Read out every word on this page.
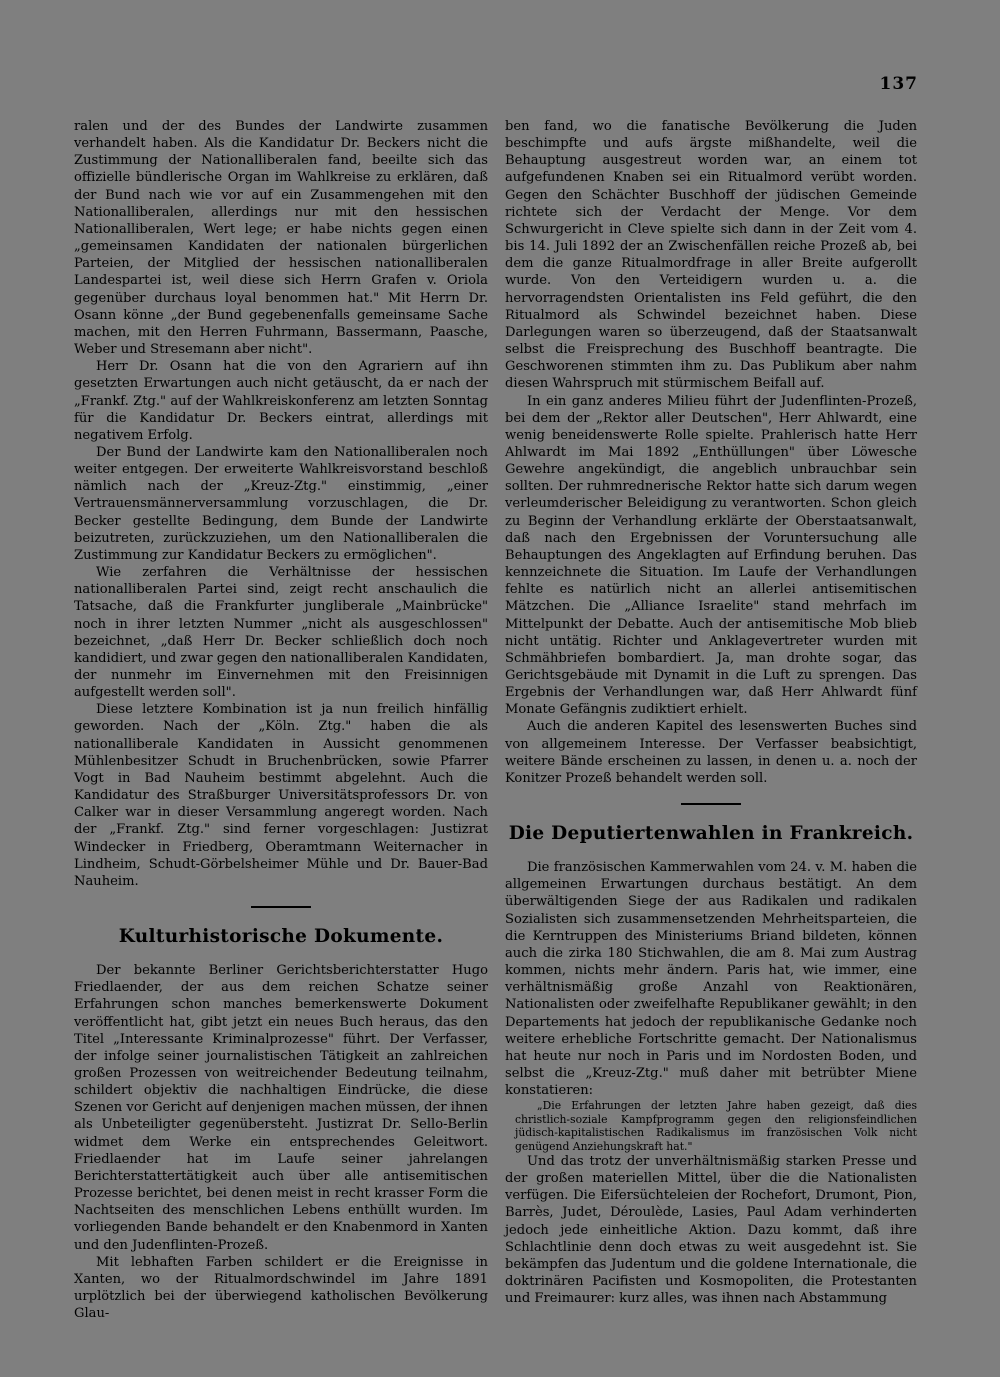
137

ralen und der des Bundes der Landwirte zusammen verhandelt haben. Als die Kandidatur Dr. Beckers nicht die Zustimmung der Nationalliberalen fand, beeilte sich das offizielle bündlerische Organ im Wahlkreise zu erklären, daß der Bund nach wie vor auf ein Zusammengehen mit den Nationalliberalen, allerdings nur mit den hessischen Nationalliberalen, Wert lege; er habe nichts gegen einen „gemeinsamen Kandidaten der nationalen bürgerlichen Parteien, der Mitglied der hessischen nationalliberalen Landespartei ist, weil diese sich Herrn Grafen v. Oriola gegenüber durchaus loyal benommen hat." Mit Herrn Dr. Osann könne „der Bund gegebenenfalls gemeinsame Sache machen, mit den Herren Fuhrmann, Bassermann, Paasche, Weber und Stresemann aber nicht".

Herr Dr. Osann hat die von den Agrariern auf ihn gesetzten Erwartungen auch nicht getäuscht, da er nach der „Frankf. Ztg." auf der Wahlkreiskonferenz am letzten Sonntag für die Kandidatur Dr. Beckers eintrat, allerdings mit negativem Erfolg.

Der Bund der Landwirte kam den Nationalliberalen noch weiter entgegen. Der erweiterte Wahlkreisvorstand beschloß nämlich nach der „Kreuz-Ztg." einstimmig, „einer Vertrauensmännerversammlung vorzuschlagen, die Dr. Becker gestellte Bedingung, dem Bunde der Landwirte beizutreten, zurückzuziehen, um den Nationalliberalen die Zustimmung zur Kandidatur Beckers zu ermöglichen".

Wie zerfahren die Verhältnisse der hessischen nationalliberalen Partei sind, zeigt recht anschaulich die Tatsache, daß die Frankfurter jungliberale „Mainbrücke" noch in ihrer letzten Nummer „nicht als ausgeschlossen" bezeichnet, „daß Herr Dr. Becker schließlich doch noch kandidiert, und zwar gegen den nationalliberalen Kandidaten, der nunmehr im Einvernehmen mit den Freisinnigen aufgestellt werden soll".

Diese letztere Kombination ist ja nun freilich hinfällig geworden. Nach der „Köln. Ztg." haben die als nationalliberale Kandidaten in Aussicht genommenen Mühlenbesitzer Schudt in Bruchenbrücken, sowie Pfarrer Vogt in Bad Nauheim bestimmt abgelehnt. Auch die Kandidatur des Straßburger Universitätsprofessors Dr. von Calker war in dieser Versammlung angeregt worden. Nach der „Frankf. Ztg." sind ferner vorgeschlagen: Justizrat Windecker in Friedberg, Oberamtmann Weiternacher in Lindheim, Schudt-Görbelsheimer Mühle und Dr. Bauer-Bad Nauheim.

Kulturhistorische Dokumente.

Der bekannte Berliner Gerichtsberichterstatter Hugo Friedlaender, der aus dem reichen Schatze seiner Erfahrungen schon manches bemerkenswerte Dokument veröffentlicht hat, gibt jetzt ein neues Buch heraus, das den Titel „Interessante Kriminalprozesse" führt. Der Verfasser, der infolge seiner journalistischen Tätigkeit an zahlreichen großen Prozessen von weitreichender Bedeutung teilnahm, schildert objektiv die nachhaltigen Eindrücke, die diese Szenen vor Gericht auf denjenigen machen müssen, der ihnen als Unbeteiligter gegenübersteht. Justizrat Dr. Sello-Berlin widmet dem Werke ein entsprechendes Geleitwort. Friedlaender hat im Laufe seiner jahrelangen Berichterstattertätigkeit auch über alle antisemitischen Prozesse berichtet, bei denen meist in recht krasser Form die Nachtseiten des menschlichen Lebens enthüllt wurden. Im vorliegenden Bande behandelt er den Knabenmord in Xanten und den Judenflinten-Prozeß.

Mit lebhaften Farben schildert er die Ereignisse in Xanten, wo der Ritualmordschwindel im Jahre 1891 urplötzlich bei der überwiegend katholischen Bevölkerung Glau-

ben fand, wo die fanatische Bevölkerung die Juden beschimpfte und aufs ärgste mißhandelte, weil die Behauptung ausgestreut worden war, an einem tot aufgefundenen Knaben sei ein Ritualmord verübt worden. Gegen den Schächter Buschhoff der jüdischen Gemeinde richtete sich der Verdacht der Menge. Vor dem Schwurgericht in Cleve spielte sich dann in der Zeit vom 4. bis 14. Juli 1892 der an Zwischenfällen reiche Prozeß ab, bei dem die ganze Ritualmordfrage in aller Breite aufgerollt wurde. Von den Verteidigern wurden u. a. die hervorragendsten Orientalisten ins Feld geführt, die den Ritualmord als Schwindel bezeichnet haben. Diese Darlegungen waren so überzeugend, daß der Staatsanwalt selbst die Freisprechung des Buschhoff beantragte. Die Geschworenen stimmten ihm zu. Das Publikum aber nahm diesen Wahrspruch mit stürmischem Beifall auf.

In ein ganz anderes Milieu führt der Judenflinten-Prozeß, bei dem der „Rektor aller Deutschen", Herr Ahlwardt, eine wenig beneidenswerte Rolle spielte. Prahlerisch hatte Herr Ahlwardt im Mai 1892 „Enthüllungen" über Löwesche Gewehre angekündigt, die angeblich unbrauchbar sein sollten. Der ruhmrednerische Rektor hatte sich darum wegen verleumderischer Beleidigung zu verantworten. Schon gleich zu Beginn der Verhandlung erklärte der Oberstaatsanwalt, daß nach den Ergebnissen der Voruntersuchung alle Behauptungen des Angeklagten auf Erfindung beruhen. Das kennzeichnete die Situation. Im Laufe der Verhandlungen fehlte es natürlich nicht an allerlei antisemitischen Mätzchen. Die „Alliance Israelite" stand mehrfach im Mittelpunkt der Debatte. Auch der antisemitische Mob blieb nicht untätig. Richter und Anklagevertreter wurden mit Schmähbriefen bombardiert. Ja, man drohte sogar, das Gerichtsgebäude mit Dynamit in die Luft zu sprengen. Das Ergebnis der Verhandlungen war, daß Herr Ahlwardt fünf Monate Gefängnis zudiktiert erhielt.

Auch die anderen Kapitel des lesenswerten Buches sind von allgemeinem Interesse. Der Verfasser beabsichtigt, weitere Bände erscheinen zu lassen, in denen u. a. noch der Konitzer Prozeß behandelt werden soll.

Die Deputiertenwahlen in Frankreich.

Die französischen Kammerwahlen vom 24. v. M. haben die allgemeinen Erwartungen durchaus bestätigt. An dem überwältigenden Siege der aus Radikalen und radikalen Sozialisten sich zusammensetzenden Mehrheitsparteien, die die Kerntruppen des Ministeriums Briand bildeten, können auch die zirka 180 Stichwahlen, die am 8. Mai zum Austrag kommen, nichts mehr ändern. Paris hat, wie immer, eine verhältnismäßig große Anzahl von Reaktionären, Nationalisten oder zweifelhafte Republikaner gewählt; in den Departements hat jedoch der republikanische Gedanke noch weitere erhebliche Fortschritte gemacht. Der Nationalismus hat heute nur noch in Paris und im Nordosten Boden, und selbst die „Kreuz-Ztg." muß daher mit betrübter Miene konstatieren:

„Die Erfahrungen der letzten Jahre haben gezeigt, daß dies christlich-soziale Kampfprogramm gegen den religionsfeindlichen jüdisch-kapitalistischen Radikalismus im französischen Volk nicht genügend Anziehungskraft hat."

Und das trotz der unverhältnismäßig starken Presse und der großen materiellen Mittel, über die die Nationalisten verfügen. Die Eifersüchteleien der Rochefort, Drumont, Pion, Barrès, Judet, Déroulède, Lasies, Paul Adam verhinderten jedoch jede einheitliche Aktion. Dazu kommt, daß ihre Schlachtlinie denn doch etwas zu weit ausgedehnt ist. Sie bekämpfen das Judentum und die goldene Internationale, die doktrinären Pacifisten und Kosmopoliten, die Protestanten und Freimaurer: kurz alles, was ihnen nach Abstammung
